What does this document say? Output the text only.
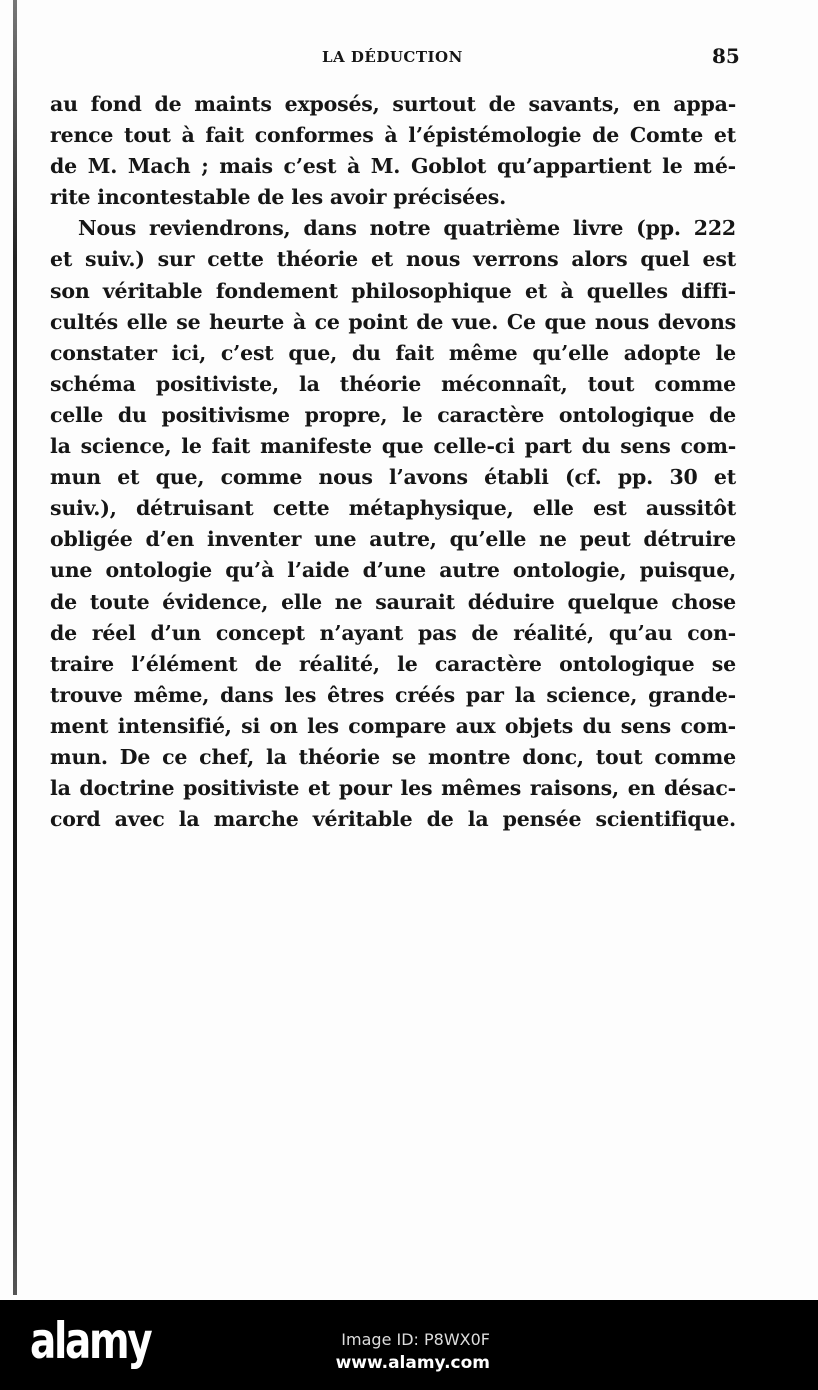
LA DÉDUCTION	85
au fond de maints exposés, surtout de savants, en appa-
rence tout à fait conformes à l’épistémologie de Comte et
de M. Mach ; mais c’est à M. Goblot qu’appartient le mé-
rite incontestable de les avoir précisées.
Nous reviendrons, dans notre quatrième livre (pp. 222
et suiv.) sur cette théorie et nous verrons alors quel est
son véritable fondement philosophique et à quelles diffi-
cultés elle se heurte à ce point de vue. Ce que nous devons
constater ici, c’est que, du fait même qu’elle adopte le
schéma positiviste, la théorie méconnaît, tout comme
celle du positivisme propre, le caractère ontologique de
la science, le fait manifeste que celle-ci part du sens com-
mun et que, comme nous l’avons établi (cf. pp. 30 et
suiv.), détruisant cette métaphysique, elle est aussitôt
obligée d’en inventer une autre, qu’elle ne peut détruire
une ontologie qu’à l’aide d’une autre ontologie, puisque,
de toute évidence, elle ne saurait déduire quelque chose
de réel d’un concept n’ayant pas de réalité, qu’au con-
traire l’élément de réalité, le caractère ontologique se
trouve même, dans les êtres créés par la science, grande-
ment intensifié, si on les compare aux objets du sens com-
mun. De ce chef, la théorie se montre donc, tout comme
la doctrine positiviste et pour les mêmes raisons, en désac-
cord avec la marche véritable de la pensée scientifique.
alamy	Image ID: P8WX0F
www.alamy.com
